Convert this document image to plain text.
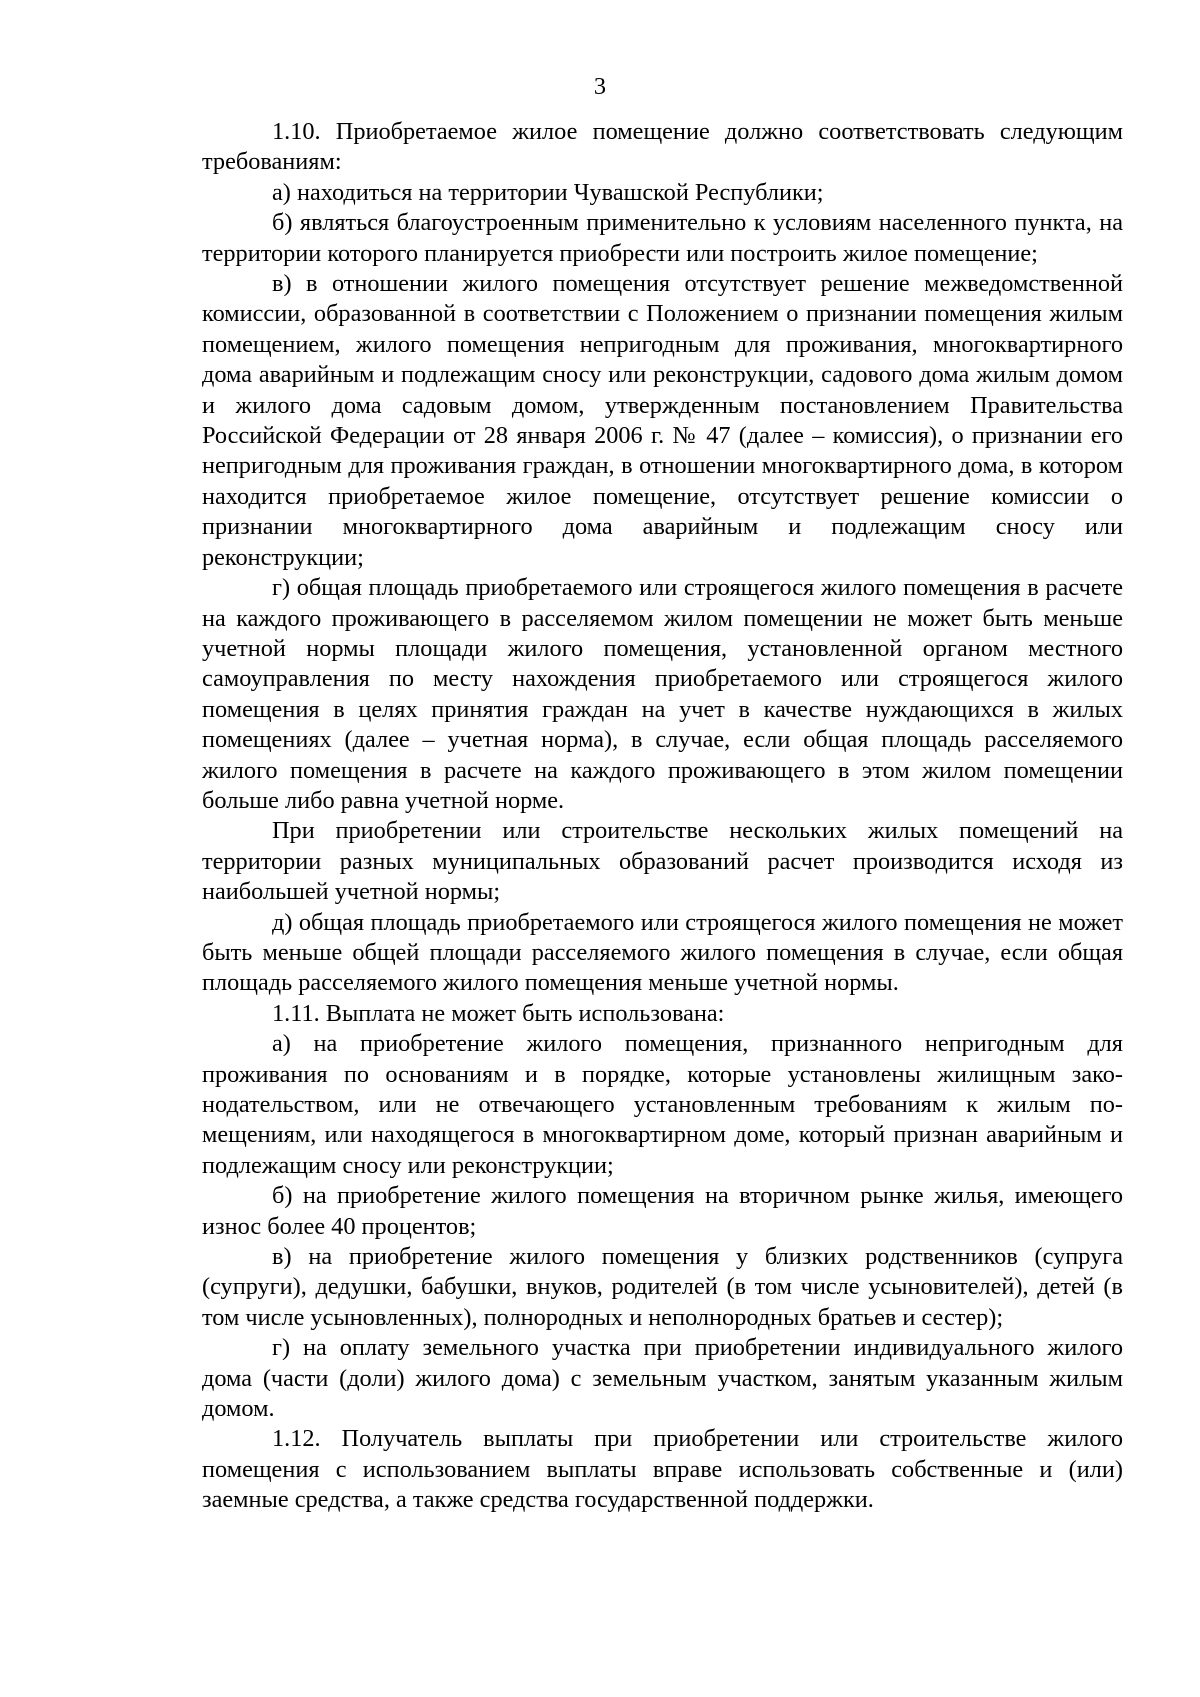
3

1.10. Приобретаемое жилое помещение должно соответствовать следующим требованиям:

а) находиться на территории Чувашской Республики;

б) являться благоустроенным применительно к условиям населенного пункта, на территории которого планируется приобрести или построить жилое помещение;

в) в отношении жилого помещения отсутствует решение межведомственной комиссии, образованной в соответствии с Положением о признании помещения жилым помещением, жилого помещения непригодным для проживания, многоквартирного дома аварийным и подлежащим сносу или реконструкции, садового дома жилым домом и жилого дома садовым домом, утвержденным постановлением Правительства Российской Федерации от 28 января 2006 г. № 47 (далее – комиссия), о признании его непригодным для проживания граждан, в отношении многоквартирного дома, в котором находится приобретаемое жилое помещение, отсутствует решение комиссии о признании многоквартирного дома аварийным и подлежащим сносу или реконструкции;

г) общая площадь приобретаемого или строящегося жилого помещения в расчете на каждого проживающего в расселяемом жилом помещении не может быть меньше учетной нормы площади жилого помещения, установленной органом местного самоуправления по месту нахождения приобретаемого или строящегося жилого помещения в целях принятия граждан на учет в качестве нуждающихся в жилых помещениях (далее – учетная норма), в случае, если общая площадь расселяемого жилого помещения в расчете на каждого проживающего в этом жилом помещении больше либо равна учетной норме.

При приобретении или строительстве нескольких жилых помещений на территории разных муниципальных образований расчет производится исходя из наибольшей учетной нормы;

д) общая площадь приобретаемого или строящегося жилого помещения не может быть меньше общей площади расселяемого жилого помещения в случае, если общая площадь расселяемого жилого помещения меньше учетной нормы.

1.11. Выплата не может быть использована:

а) на приобретение жилого помещения, признанного непригодным для проживания по основаниям и в порядке, которые установлены жилищным законодательством, или не отвечающего установленным требованиям к жилым помещениям, или находящегося в многоквартирном доме, который признан аварийным и подлежащим сносу или реконструкции;

б) на приобретение жилого помещения на вторичном рынке жилья, имеющего износ более 40 процентов;

в) на приобретение жилого помещения у близких родственников (супруга (супруги), дедушки, бабушки, внуков, родителей (в том числе усыновителей), детей (в том числе усыновленных), полнородных и неполнородных братьев и сестер);

г) на оплату земельного участка при приобретении индивидуального жилого дома (части (доли) жилого дома) с земельным участком, занятым указанным жилым домом.

1.12. Получатель выплаты при приобретении или строительстве жилого помещения с использованием выплаты вправе использовать собственные и (или) заемные средства, а также средства государственной поддержки.
